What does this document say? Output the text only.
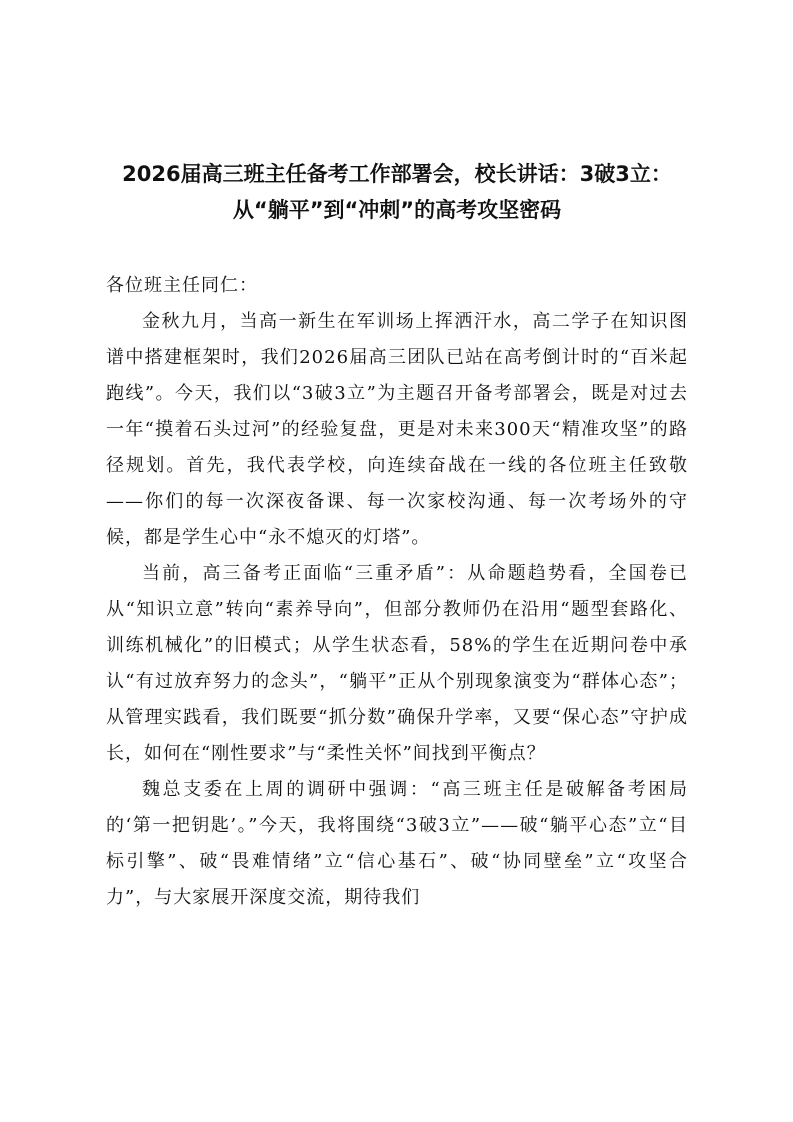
2026届高三班主任备考工作部署会，校长讲话：3破3立：从“躺平”到“冲刺”的高考攻坚密码

各位班主任同仁：

金秋九月，当高一新生在军训场上挥洒汗水，高二学子在知识图谱中搭建框架时，我们2026届高三团队已站在高考倒计时的“百米起跑线”。今天，我们以“3破3立”为主题召开备考部署会，既是对过去一年“摸着石头过河”的经验复盘，更是对未来300天“精准攻坚”的路径规划。首先，我代表学校，向连续奋战在一线的各位班主任致敬——你们的每一次深夜备课、每一次家校沟通、每一次考场外的守候，都是学生心中“永不熄灭的灯塔”。

当前，高三备考正面临“三重矛盾”：从命题趋势看，全国卷已从“知识立意”转向“素养导向”，但部分教师仍在沿用“题型套路化、训练机械化”的旧模式；从学生状态看，58%的学生在近期问卷中承认“有过放弃努力的念头”，“躺平”正从个别现象演变为“群体心态”；从管理实践看，我们既要“抓分数”确保升学率，又要“保心态”守护成长，如何在“刚性要求”与“柔性关怀”间找到平衡点？

魏总支委在上周的调研中强调：“高三班主任是破解备考困局的‘第一把钥匙’。”今天，我将围绕“3破3立”——破“躺平心态”立“目标引擎”、破“畏难情绪”立“信心基石”、破“协同壁垒”立“攻坚合力”，与大家展开深度交流，期待我们
